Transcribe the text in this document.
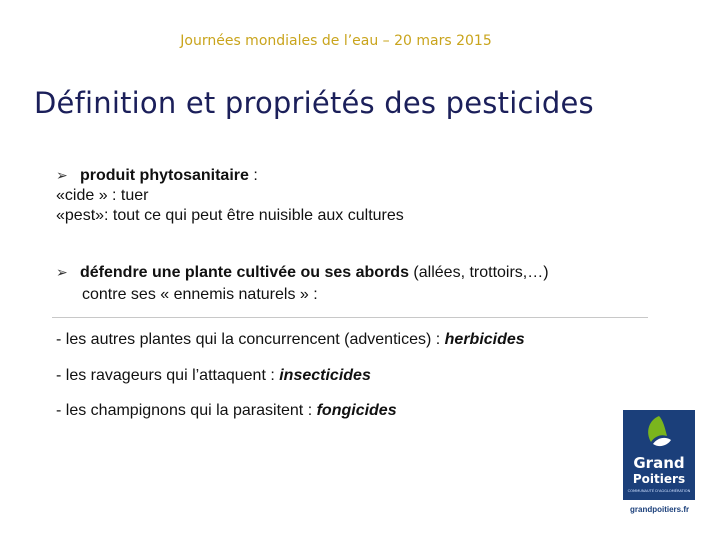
Journées mondiales de l’eau – 20 mars 2015
Définition et propriétés des pesticides
➢ produit phytosanitaire :
«cide » : tuer
«pest»: tout ce qui peut être nuisible aux cultures
➢ défendre une plante cultivée ou ses abords (allées, trottoirs,…)
contre ses « ennemis naturels » :
- les autres plantes qui la concurrencent (adventices) : herbicides
- les ravageurs qui l’attaquent : insecticides
- les champignons qui la parasitent : fongicides
Grand
Poitiers
COMMUNAUTÉ D'AGGLOMÉRATION
grandpoitiers.fr
